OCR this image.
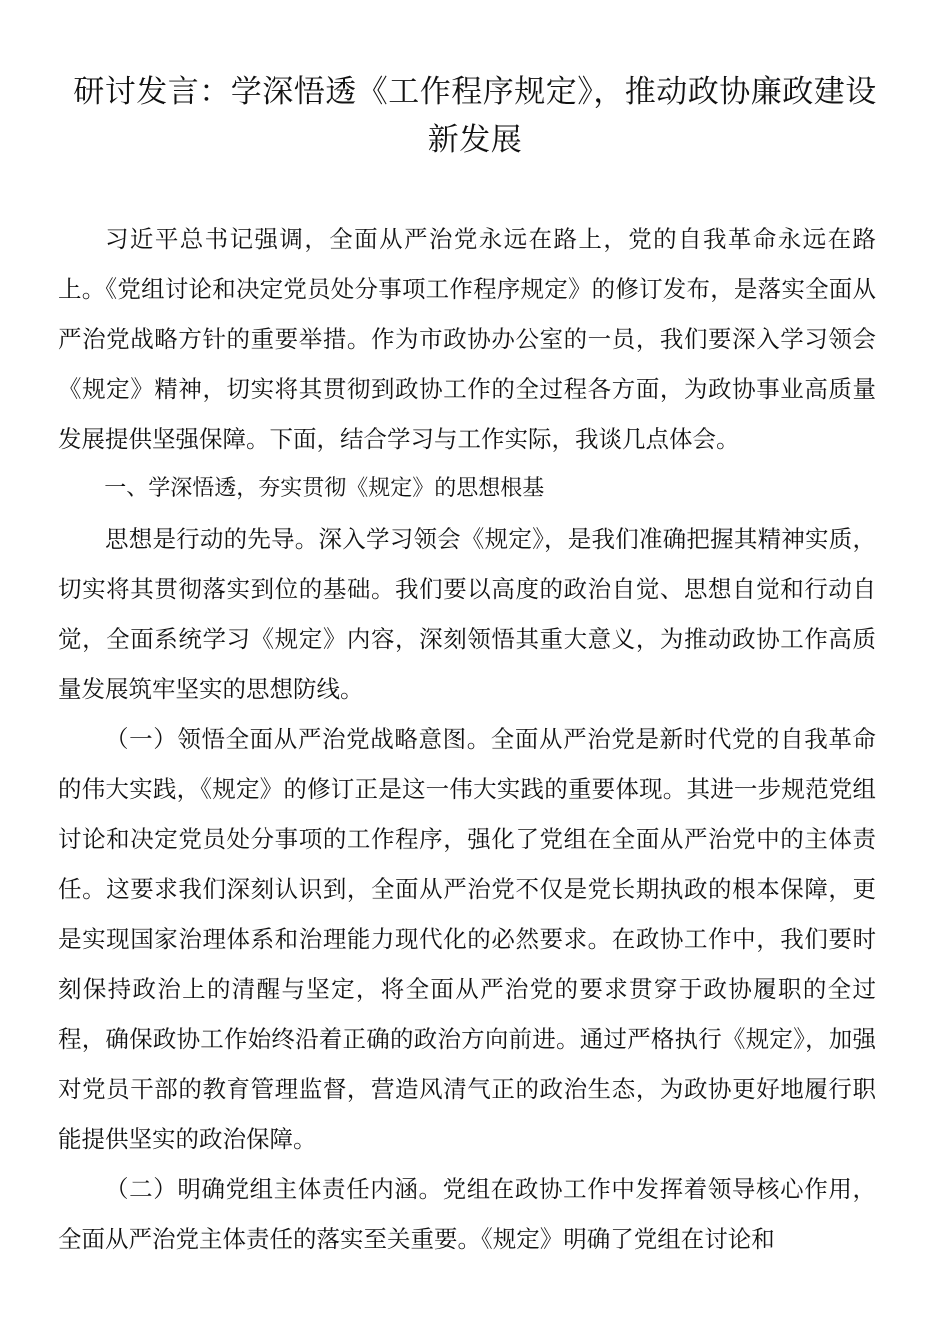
研讨发言：学深悟透《工作程序规定》，推动政协廉政建设新发展

习近平总书记强调，全面从严治党永远在路上，党的自我革命永远在路上。《党组讨论和决定党员处分事项工作程序规定》的修订发布，是落实全面从严治党战略方针的重要举措。作为市政协办公室的一员，我们要深入学习领会《规定》精神，切实将其贯彻到政协工作的全过程各方面，为政协事业高质量发展提供坚强保障。下面，结合学习与工作实际，我谈几点体会。

一、学深悟透，夯实贯彻《规定》的思想根基

思想是行动的先导。深入学习领会《规定》，是我们准确把握其精神实质，切实将其贯彻落实到位的基础。我们要以高度的政治自觉、思想自觉和行动自觉，全面系统学习《规定》内容，深刻领悟其重大意义，为推动政协工作高质量发展筑牢坚实的思想防线。

（一）领悟全面从严治党战略意图。全面从严治党是新时代党的自我革命的伟大实践，《规定》的修订正是这一伟大实践的重要体现。其进一步规范党组讨论和决定党员处分事项的工作程序，强化了党组在全面从严治党中的主体责任。这要求我们深刻认识到，全面从严治党不仅是党长期执政的根本保障，更是实现国家治理体系和治理能力现代化的必然要求。在政协工作中，我们要时刻保持政治上的清醒与坚定，将全面从严治党的要求贯穿于政协履职的全过程，确保政协工作始终沿着正确的政治方向前进。通过严格执行《规定》，加强对党员干部的教育管理监督，营造风清气正的政治生态，为政协更好地履行职能提供坚实的政治保障。

（二）明确党组主体责任内涵。党组在政协工作中发挥着领导核心作用，全面从严治党主体责任的落实至关重要。《规定》明确了党组在讨论和
